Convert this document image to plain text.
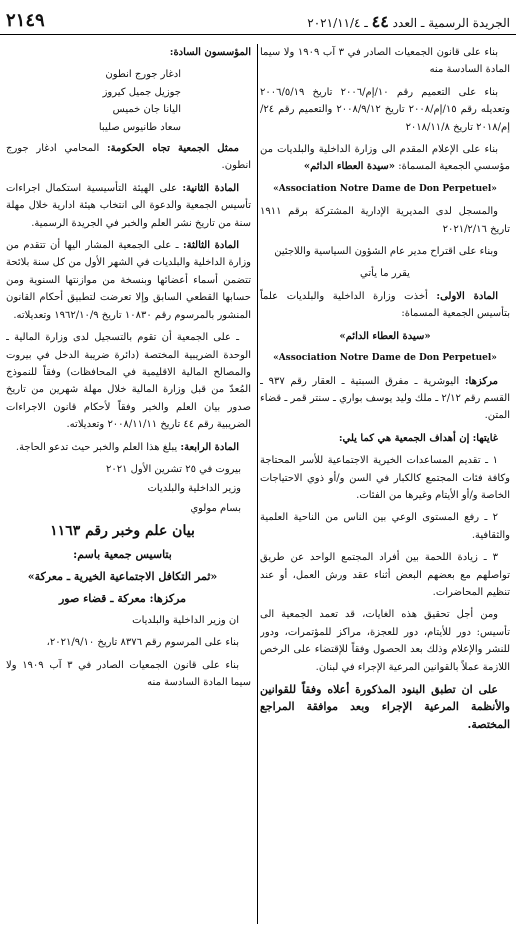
الجريدة الرسمية ـ العدد ٤٤ ـ ٢٠٢١/١١/٤
٢١٤٩

بناء على قانون الجمعيات الصادر في ٣ آب ١٩٠٩ ولا سيما المادة السادسة منه

بناء على التعميم رقم ١٠/إم/٢٠٠٦ تاريخ ٢٠٠٦/٥/١٩ وتعديله رقم ١٥/إم/٢٠٠٨ تاريخ ٢٠٠٨/٩/١٢ والتعميم رقم ٢٤/إم/٢٠١٨ تاريخ ٢٠١٨/١١/٨

بناء على الإعلام المقدم الى وزارة الداخلية والبلديات من مؤسسي الجمعية المسماة: «سيدة العطاء الدائم»

«Association Notre Dame de Don Perpetuel»

والمسجل لدى المديرية الإدارية المشتركة برقم ١٩١١ تاريخ ٢٠٢١/٢/١٦

وبناء على اقتراح مدير عام الشؤون السياسية واللاجئين

يقرر ما يأتي

المادة الاولى: أخذت وزارة الداخلية والبلديات علماً بتأسيس الجمعية المسماة:

«سيدة العطاء الدائم»

«Association Notre Dame de Don Perpetuel»

مركزها: اليوشرية ـ مفرق السبتية ـ العقار رقم ٩٣٧ ـ القسم رقم ٢/١٢ ـ ملك وليد يوسف بواري ـ سنتر قمر ـ قضاء المتن.

غايتها: إن أهداف الجمعية هي كما يلي:

١ ـ تقديم المساعدات الخيرية الاجتماعية للأسر المحتاجة وكافة فئات المجتمع كالكبار في السن و/أو ذوي الاحتياجات الخاصة و/أو الأيتام وغيرها من الفئات.

٢ ـ رفع المستوى الوعي بين الناس من الناحية العلمية والثقافية.

٣ ـ زيادة اللحمة بين أفراد المجتمع الواحد عن طريق تواصلهم مع بعضهم البعض أثناء عقد ورش العمل، أو عند تنظيم المحاضرات.

ومن أجل تحقيق هذه الغايات، قد تعمد الجمعية الى تأسيس: دور للأيتام، دور للعجزة، مراكز للمؤتمرات، ودور للنشر والإعلام وذلك بعد الحصول وفقاً للإقتضاء على الرخص اللازمة عملاً بالقوانين المرعية الإجراء في لبنان.

على ان تطبق البنود المذكورة أعلاه وفقاً للقوانين والأنظمة المرعية الإجراء وبعد موافقة المراجع المختصة.

المؤسسون السادة:

ادغار جورج انطون
جوزيل جميل كيروز
اليانا جان خميس
سعاد طانيوس صليبا

ممثل الجمعية تجاه الحكومة: المحامي ادغار جورج انطون.

المادة الثانية: على الهيئة التأسيسية استكمال اجراءات تأسيس الجمعية والدعوة الى انتخاب هيئة ادارية خلال مهلة سنة من تاريخ نشر العلم والخبر في الجريدة الرسمية.

المادة الثالثة: ـ على الجمعية المشار اليها أن تتقدم من وزارة الداخلية والبلديات في الشهر الأول من كل سنة بلائحة تتضمن أسماء أعضائها وبنسخة من موازنتها السنوية ومن حسابها القطعي السابق وإلا تعرضت لتطبيق أحكام القانون المنشور بالمرسوم رقم ١٠٨٣٠ تاريخ ١٩٦٢/١٠/٩ وتعديلاته.

ـ على الجمعية أن تقوم بالتسجيل لدى وزارة المالية ـ الوحدة الضريبية المختصة (دائرة ضريبة الدخل في بيروت والمصالح المالية الاقليمية في المحافظات) وفقاً للنموذج المُعدّ من قبل وزارة المالية خلال مهلة شهرين من تاريخ صدور بيان العلم والخبر وفقاً لأحكام قانون الاجراءات الضريبية رقم ٤٤ تاريخ ٢٠٠٨/١١/١١ وتعديلاته.

المادة الرابعة: يبلغ هذا العلم والخبر حيث تدعو الحاجة.

بيروت في ٢٥ تشرين الأول ٢٠٢١

وزير الداخلية والبلديات

بسام مولوي

بيان علم وخبر رقم ١١٦٣

بتاسيس جمعية باسم:

«ثمر التكافل الاجتماعية الخيرية ـ معركة»

مركزها: معركة ـ قضاء صور

ان وزير الداخلية والبلديات

بناء على المرسوم رقم ٨٣٧٦ تاريخ ٢٠٢١/٩/١٠،

بناء على قانون الجمعيات الصادر في ٣ آب ١٩٠٩ ولا سيما المادة السادسة منه
